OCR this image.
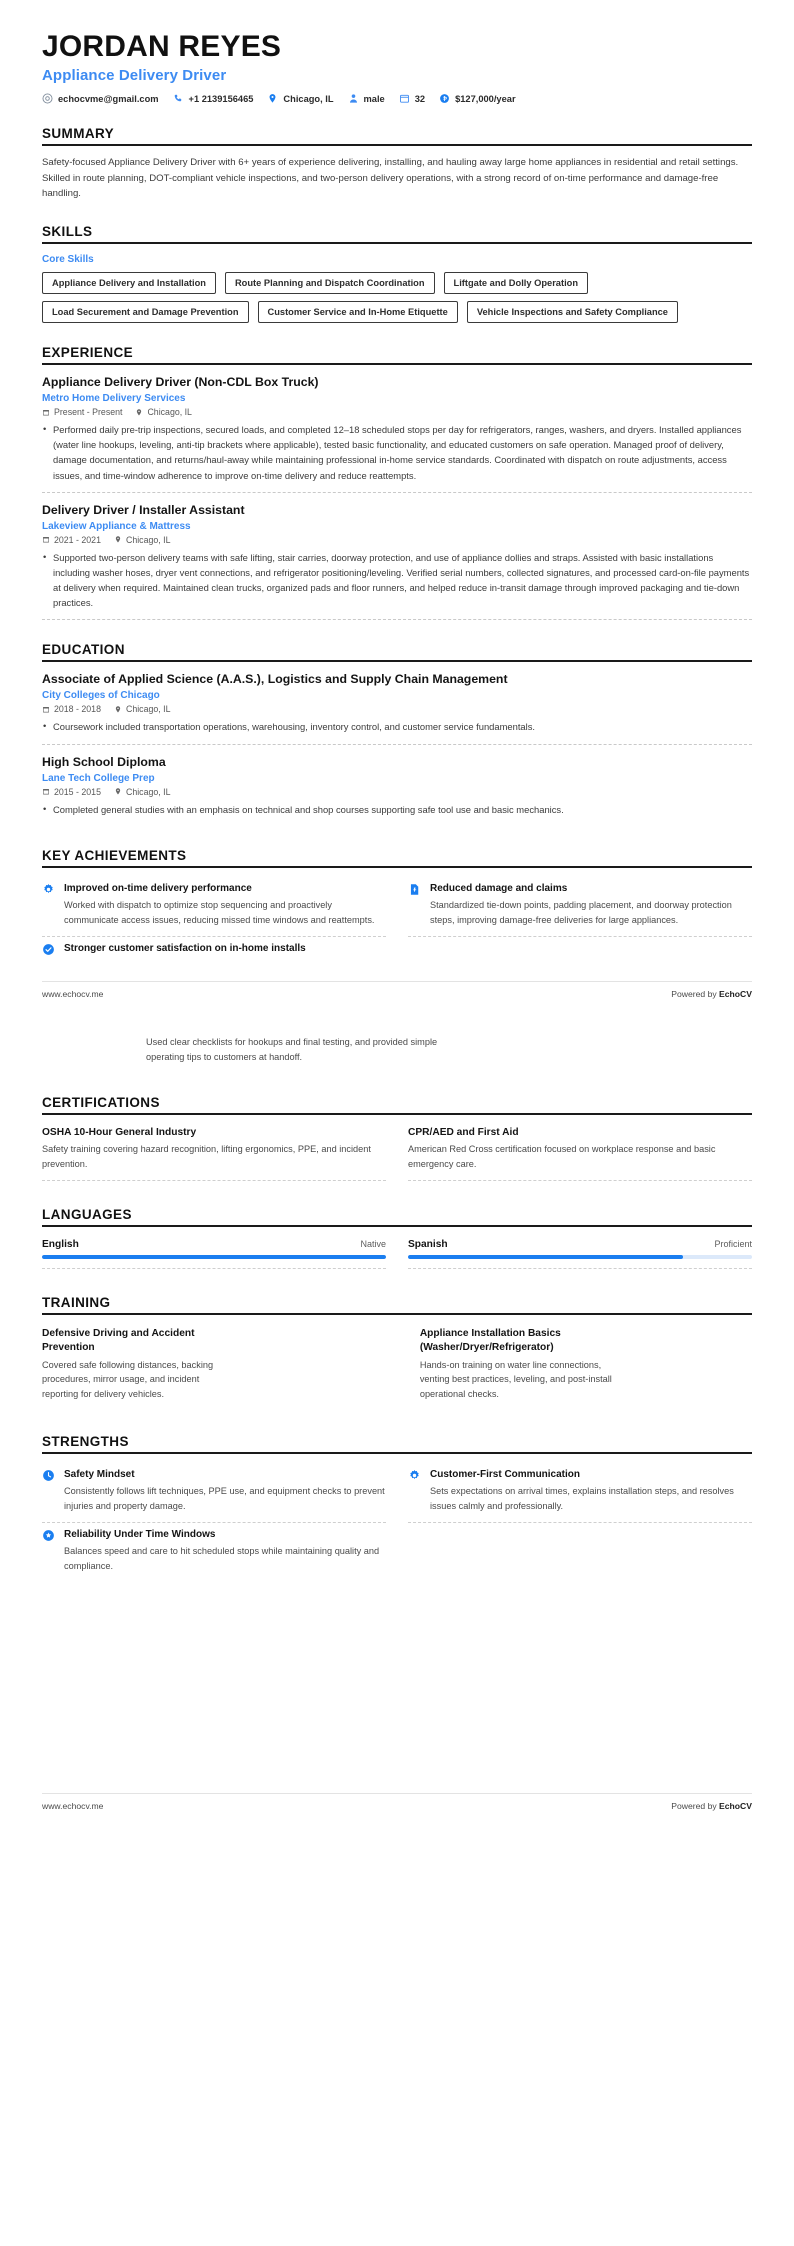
JORDAN REYES
Appliance Delivery Driver
echocvme@gmail.com	+1 2139156465	Chicago, IL	male	32	$127,000/year
SUMMARY
Safety-focused Appliance Delivery Driver with 6+ years of experience delivering, installing, and hauling away large home appliances in residential and retail settings. Skilled in route planning, DOT-compliant vehicle inspections, and two-person delivery operations, with a strong record of on-time performance and damage-free handling.
SKILLS
Core Skills
Appliance Delivery and Installation	Route Planning and Dispatch Coordination	Liftgate and Dolly Operation
Load Securement and Damage Prevention	Customer Service and In-Home Etiquette	Vehicle Inspections and Safety Compliance
EXPERIENCE
Appliance Delivery Driver (Non-CDL Box Truck)
Metro Home Delivery Services
Present - Present	Chicago, IL
• Performed daily pre-trip inspections, secured loads, and completed 12–18 scheduled stops per day for refrigerators, ranges, washers, and dryers. Installed appliances (water line hookups, leveling, anti-tip brackets where applicable), tested basic functionality, and educated customers on safe operation. Managed proof of delivery, damage documentation, and returns/haul-away while maintaining professional in-home service standards. Coordinated with dispatch on route adjustments, access issues, and time-window adherence to improve on-time delivery and reduce reattempts.
Delivery Driver / Installer Assistant
Lakeview Appliance & Mattress
2021 - 2021	Chicago, IL
• Supported two-person delivery teams with safe lifting, stair carries, doorway protection, and use of appliance dollies and straps. Assisted with basic installations including washer hoses, dryer vent connections, and refrigerator positioning/leveling. Verified serial numbers, collected signatures, and processed card-on-file payments at delivery when required. Maintained clean trucks, organized pads and floor runners, and helped reduce in-transit damage through improved packaging and tie-down practices.
EDUCATION
Associate of Applied Science (A.A.S.), Logistics and Supply Chain Management
City Colleges of Chicago
2018 - 2018	Chicago, IL
• Coursework included transportation operations, warehousing, inventory control, and customer service fundamentals.
High School Diploma
Lane Tech College Prep
2015 - 2015	Chicago, IL
• Completed general studies with an emphasis on technical and shop courses supporting safe tool use and basic mechanics.
KEY ACHIEVEMENTS
Improved on-time delivery performance
Worked with dispatch to optimize stop sequencing and proactively communicate access issues, reducing missed time windows and reattempts.
Reduced damage and claims
Standardized tie-down points, padding placement, and doorway protection steps, improving damage-free deliveries for large appliances.
Stronger customer satisfaction on in-home installs
www.echocv.me	Powered by EchoCV
Used clear checklists for hookups and final testing, and provided simple operating tips to customers at handoff.
CERTIFICATIONS
OSHA 10-Hour General Industry
Safety training covering hazard recognition, lifting ergonomics, PPE, and incident prevention.
CPR/AED and First Aid
American Red Cross certification focused on workplace response and basic emergency care.
LANGUAGES
English	Native Spanish	Proficient
TRAINING
Defensive Driving and Accident Prevention
Covered safe following distances, backing procedures, mirror usage, and incident reporting for delivery vehicles.
Appliance Installation Basics (Washer/Dryer/Refrigerator)
Hands-on training on water line connections, venting best practices, leveling, and post-install operational checks.
STRENGTHS
Safety Mindset
Consistently follows lift techniques, PPE use, and equipment checks to prevent injuries and property damage.
Customer-First Communication
Sets expectations on arrival times, explains installation steps, and resolves issues calmly and professionally.
Reliability Under Time Windows
Balances speed and care to hit scheduled stops while maintaining quality and compliance.
www.echocv.me	Powered by EchoCV
